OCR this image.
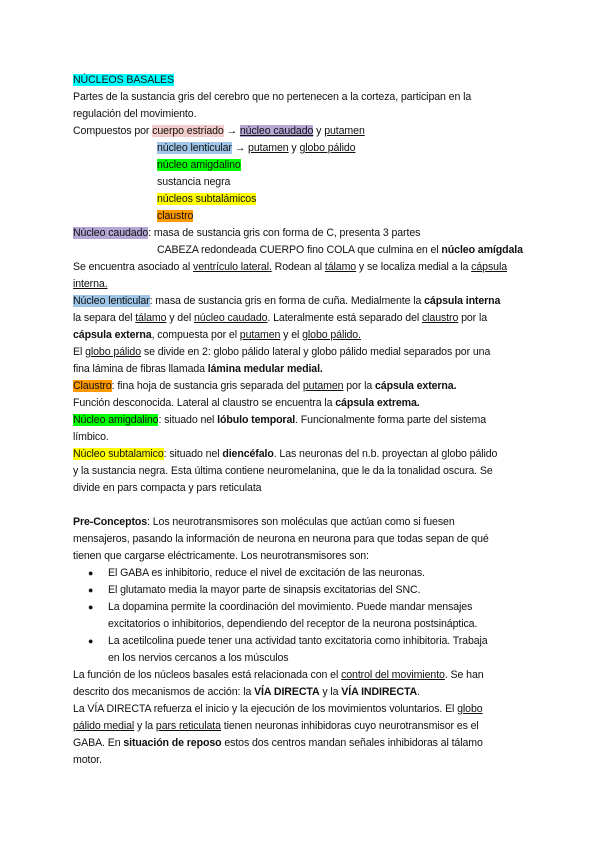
NÚCLEOS BASALES
Partes de la sustancia gris del cerebro que no pertenecen a la corteza, participan en la
regulación del movimiento.
Compuestos por cuerpo estriado → núcleo caudado y putamen
núcleo lenticular → putamen y globo pálido
núcleo amigdalino
sustancia negra
núcleos subtalámicos
claustro
Núcleo caudado: masa de sustancia gris con forma de C, presenta 3 partes
CABEZA redondeada CUERPO fino COLA que culmina en el núcleo amígdala
Se encuentra asociado al ventrículo lateral. Rodean al tálamo y se localiza medial a la cápsula
interna.
Núcleo lenticular: masa de sustancia gris en forma de cuña. Medialmente la cápsula interna
la separa del tálamo y del núcleo caudado. Lateralmente está separado del claustro por la
cápsula externa, compuesta por el putamen y el globo pálido.
El globo pálido se divide en 2: globo pálido lateral y globo pálido medial separados por una
fina lámina de fibras llamada lámina medular medial.
Claustro: fina hoja de sustancia gris separada del putamen por la cápsula externa.
Función desconocida. Lateral al claustro se encuentra la cápsula extrema.
Núcleo amigdalino: situado nel lóbulo temporal. Funcionalmente forma parte del sistema
límbico.
Núcleo subtalamico: situado nel diencéfalo. Las neuronas del n.b. proyectan al globo pálido
y la sustancia negra. Esta última contiene neuromelanina, que le da la tonalidad oscura. Se
divide en pars compacta y pars reticulata
Pre-Conceptos: Los neurotransmisores son moléculas que actúan como si fuesen
mensajeros, pasando la información de neurona en neurona para que todas sepan de qué
tienen que cargarse eléctricamente. Los neurotransmisores son:
● El GABA es inhibitorio, reduce el nivel de excitación de las neuronas.
● El glutamato media la mayor parte de sinapsis excitatorias del SNC.
● La dopamina permite la coordinación del movimiento. Puede mandar mensajes
excitatorios o inhibitorios, dependiendo del receptor de la neurona postsináptica.
● La acetilcolina puede tener una actividad tanto excitatoria como inhibitoria. Trabaja
en los nervios cercanos a los músculos
La función de los núcleos basales está relacionada con el control del movimiento. Se han
descrito dos mecanismos de acción: la VÍA DIRECTA y la VÍA INDIRECTA.
La VÍA DIRECTA refuerza el inicio y la ejecución de los movimientos voluntarios. El globo
pálido medial y la pars reticulata tienen neuronas inhibidoras cuyo neurotransmisor es el
GABA. En situación de reposo estos dos centros mandan señales inhibidoras al tálamo
motor.
